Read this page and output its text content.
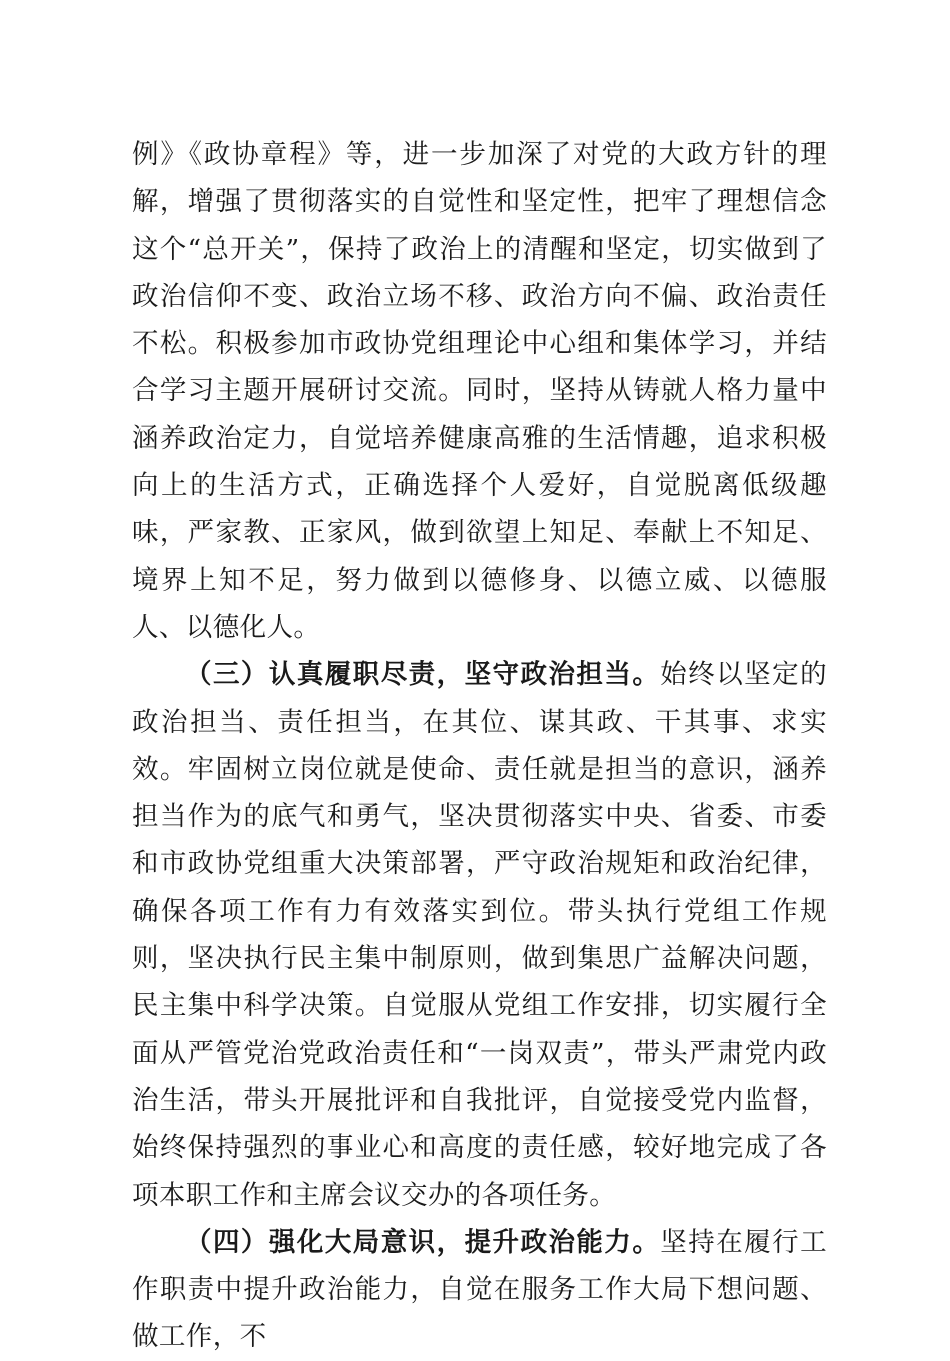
例》《政协章程》等，进一步加深了对党的大政方针的理解，增强了贯彻落实的自觉性和坚定性，把牢了理想信念这个“总开关”，保持了政治上的清醒和坚定，切实做到了政治信仰不变、政治立场不移、政治方向不偏、政治责任不松。积极参加市政协党组理论中心组和集体学习，并结合学习主题开展研讨交流。同时，坚持从铸就人格力量中涵养政治定力，自觉培养健康高雅的生活情趣，追求积极向上的生活方式，正确选择个人爱好，自觉脱离低级趣味，严家教、正家风，做到欲望上知足、奉献上不知足、境界上知不足，努力做到以德修身、以德立威、以德服人、以德化人。

（三）认真履职尽责，坚守政治担当。始终以坚定的政治担当、责任担当，在其位、谋其政、干其事、求实效。牢固树立岗位就是使命、责任就是担当的意识，涵养担当作为的底气和勇气，坚决贯彻落实中央、省委、市委和市政协党组重大决策部署，严守政治规矩和政治纪律，确保各项工作有力有效落实到位。带头执行党组工作规则，坚决执行民主集中制原则，做到集思广益解决问题，民主集中科学决策。自觉服从党组工作安排，切实履行全面从严管党治党政治责任和“一岗双责”，带头严肃党内政治生活，带头开展批评和自我批评，自觉接受党内监督，始终保持强烈的事业心和高度的责任感，较好地完成了各项本职工作和主席会议交办的各项任务。

（四）强化大局意识，提升政治能力。坚持在履行工作职责中提升政治能力，自觉在服务工作大局下想问题、做工作，不
